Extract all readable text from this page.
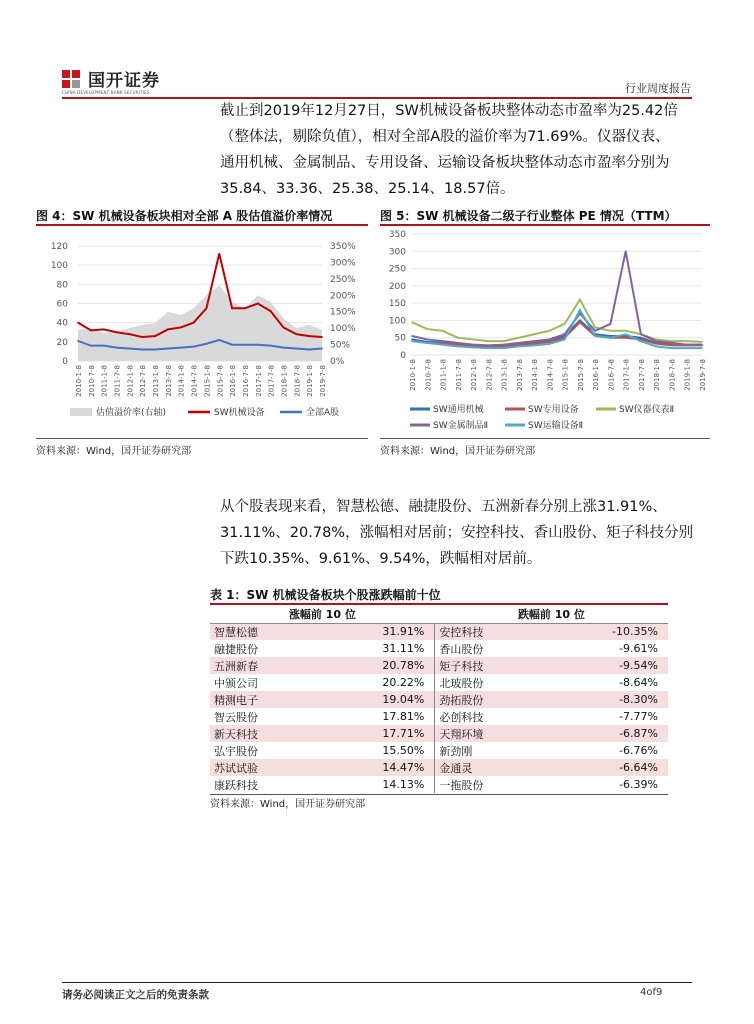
国开证券
CHINA DEVELOPMENT BANK SECURITIES	行业周度报告
截止到2019年12月27日，SW机械设备板块整体动态市盈率为25.42倍
（整体法，剔除负值），相对全部A股的溢价率为71.69%。仪器仪表、
通用机械、金属制品、专用设备、运输设备板块整体动态市盈率分别为
35.84、33.36、25.38、25.14、18.57倍。
图 4：SW 机械设备板块相对全部 A 股估值溢价率情况	图 5：SW 机械设备二级子行业整体 PE 情况（TTM）
0
20
40
60
80
100
120
0%
50%
100%
150%
200%
250%
300%
350%
2010-1-8 2010-7-8 2011-1-8 2011-7-8 2012-1-8 2012-7-8 2013-1-8 2013-7-8 2014-1-8 2014-7-8 2015-1-8 2015-7-8 2016-1-8 2016-7-8 2017-1-8 2017-7-8 2018-1-8 2018-7-8 2019-1-8 2019-7-8
估值溢价率(右轴)	SW机械设备	全部A股
资料来源：Wind，国开证券研究部
0
50
100
150
200
250
300
350
2010-1-8 2010-7-8 2011-1-8 2011-7-8 2012-1-8 2012-7-8 2013-1-8 2013-7-8 2014-1-8 2014-7-8 2015-1-8 2015-7-8 2016-1-8 2016-7-8 2017-1-8 2017-7-8 2018-1-8 2018-7-8 2019-1-8 2019-7-8
SW通用机械	SW专用设备	SW仪器仪表Ⅱ
SW金属制品Ⅱ	SW运输设备Ⅱ
资料来源：Wind，国开证券研究部
从个股表现来看，智慧松德、融捷股份、五洲新春分别上涨31.91%、
31.11%、20.78%，涨幅相对居前；安控科技、香山股份、矩子科技分别
下跌10.35%、9.61%、9.54%，跌幅相对居前。
表 1：SW 机械设备板块个股涨跌幅前十位
涨幅前 10 位		跌幅前 10 位	
智慧松德	31.91%	安控科技	-10.35%
融捷股份	31.11%	香山股份	-9.61%
五洲新春	20.78%	矩子科技	-9.54%
中颁公司	20.22%	北玻股份	-8.64%
精测电子	19.04%	劲拓股份	-8.30%
智云股份	17.81%	必创科技	-7.77%
新天科技	17.71%	天翔环境	-6.87%
弘宇股份	15.50%	新劲刚	-6.76%
苏试试验	14.47%	金通灵	-6.64%
康跃科技	14.13%	一拖股份	-6.39%
资料来源：Wind，国开证券研究部
请务必阅读正文之后的免责条款	4of9
